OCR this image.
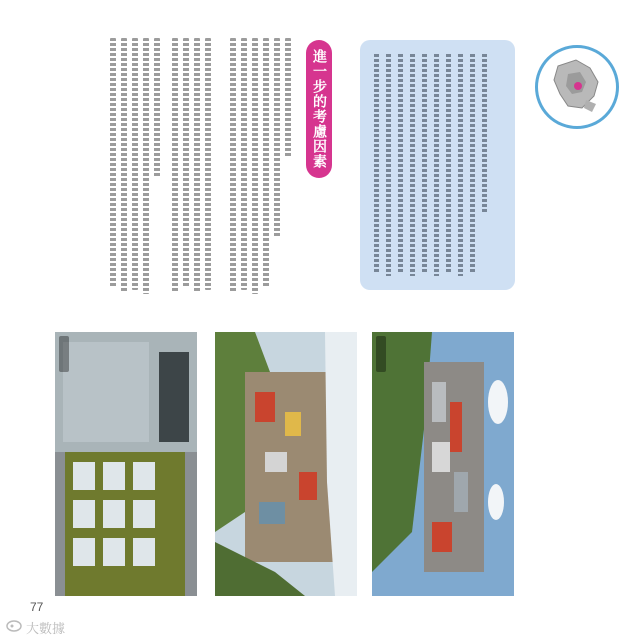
進一步的考慮因素
77
大數據
